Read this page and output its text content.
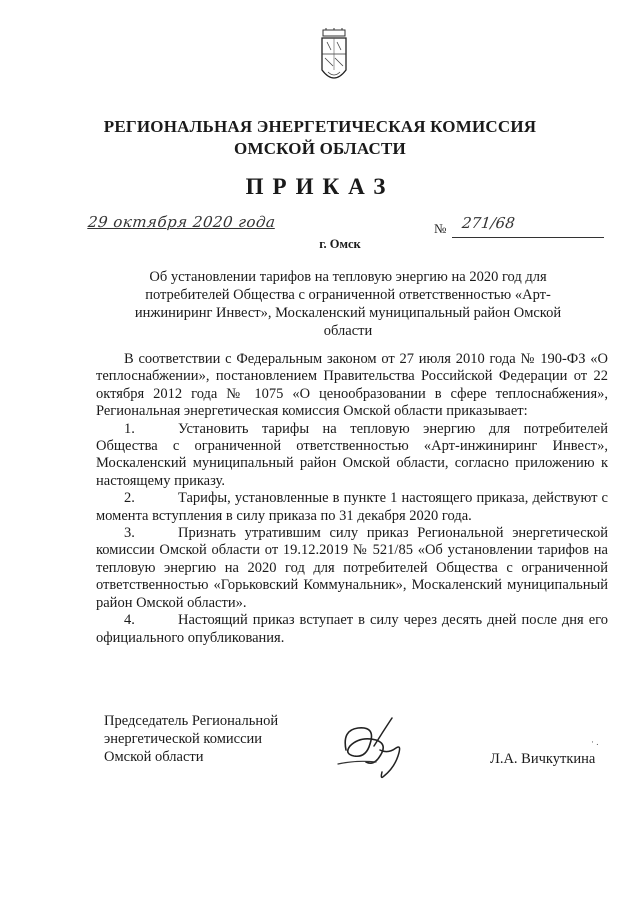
РЕГИОНАЛЬНАЯ ЭНЕРГЕТИЧЕСКАЯ КОМИССИЯ
ОМСКОЙ ОБЛАСТИ
ПРИКАЗ
29 октября 2020 года	№ 271/68
г. Омск
Об установлении тарифов на тепловую энергию на 2020 год для потребителей Общества с ограниченной ответственностью «Арт-инжиниринг Инвест», Москаленский муниципальный район Омской области

В соответствии с Федеральным законом от 27 июля 2010 года № 190-ФЗ «О теплоснабжении», постановлением Правительства Российской Федерации от 22 октября 2012 года № 1075 «О ценообразовании в сфере теплоснабжения», Региональная энергетическая комиссия Омской области приказывает:

1.	Установить тарифы на тепловую энергию для потребителей Общества с ограниченной ответственностью «Арт-инжиниринг Инвест», Москаленский муниципальный район Омской области, согласно приложению к настоящему приказу.

2.	Тарифы, установленные в пункте 1 настоящего приказа, действуют с момента вступления в силу приказа по 31 декабря 2020 года.

3.	Признать утратившим силу приказ Региональной энергетической комиссии Омской области от 19.12.2019 № 521/85 «Об установлении тарифов на тепловую энергию на 2020 год для потребителей Общества с ограниченной ответственностью «Горьковский Коммунальник», Москаленский муниципальный район Омской области».

4.	Настоящий приказ вступает в силу через десять дней после дня его официального опубликования.

Председатель Региональной
энергетической комиссии
Омской области
· .
Л.А. Вичкуткина
